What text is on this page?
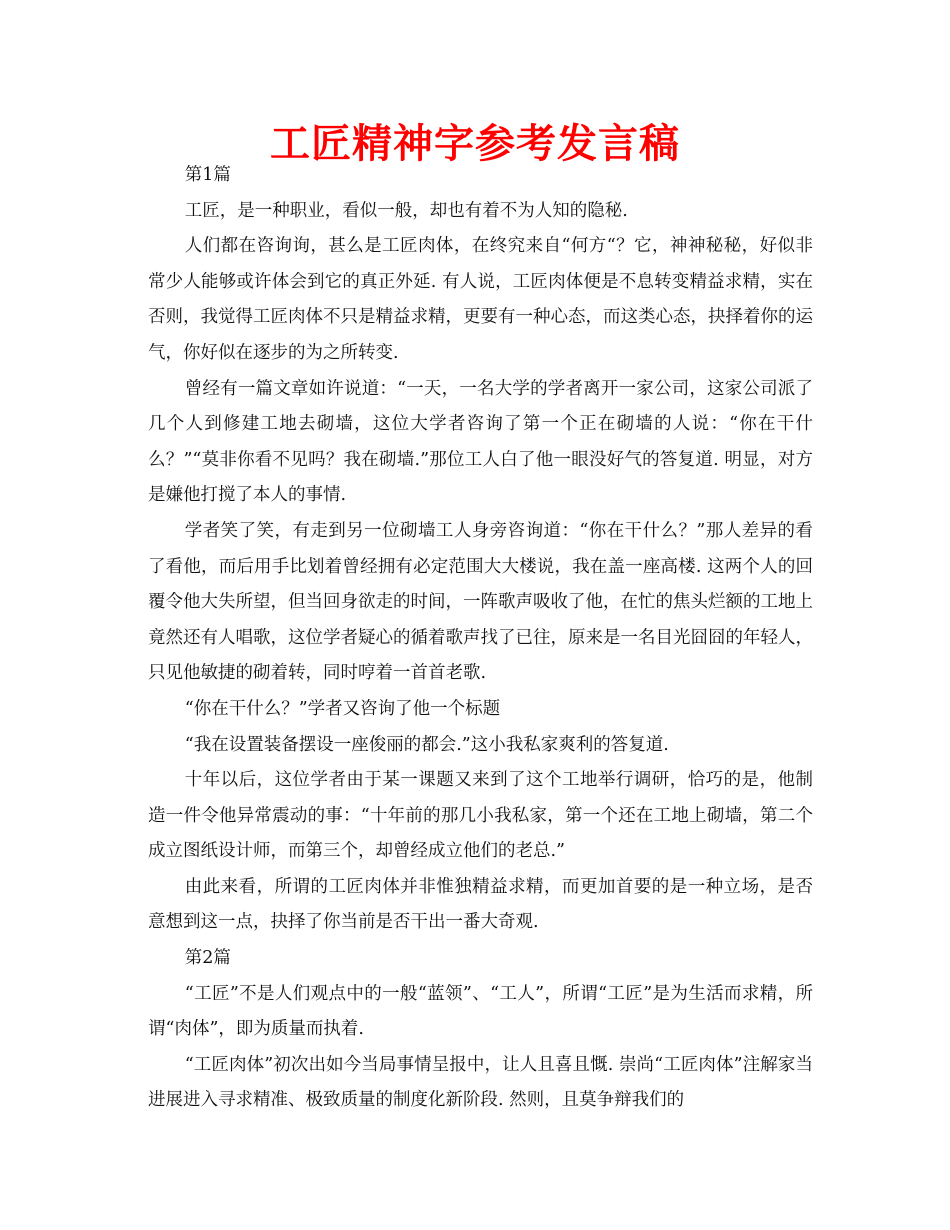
工匠精神字参考发言稿

第1篇

工匠，是一种职业，看似一般，却也有着不为人知的隐秘.

人们都在咨询询，甚么是工匠肉体，在终究来自“何方“？它，神神秘秘，好似非常少人能够或许体会到它的真正外延. 有人说，工匠肉体便是不息转变精益求精，实在否则，我觉得工匠肉体不只是精益求精，更要有一种心态，而这类心态，抉择着你的运气，你好似在逐步的为之所转变.

曾经有一篇文章如许说道：“一天，一名大学的学者离开一家公司，这家公司派了几个人到修建工地去砌墙，这位大学者咨询了第一个正在砌墙的人说：“你在干什么？”“莫非你看不见吗？我在砌墙.”那位工人白了他一眼没好气的答复道. 明显，对方是嫌他打搅了本人的事情.

学者笑了笑，有走到另一位砌墙工人身旁咨询道：“你在干什么？”那人差异的看了看他，而后用手比划着曾经拥有必定范围大大楼说，我在盖一座高楼. 这两个人的回覆令他大失所望，但当回身欲走的时间，一阵歌声吸收了他，在忙的焦头烂额的工地上竟然还有人唱歌，这位学者疑心的循着歌声找了已往，原来是一名目光囧囧的年轻人，只见他敏捷的砌着转，同时哼着一首首老歌.

“你在干什么？”学者又咨询了他一个标题

“我在设置装备摆设一座俊丽的都会.”这小我私家爽利的答复道.

十年以后，这位学者由于某一课题又来到了这个工地举行调研，恰巧的是，他制造一件令他异常震动的事：“十年前的那几小我私家，第一个还在工地上砌墙，第二个成立图纸设计师，而第三个，却曾经成立他们的老总.”

由此来看，所谓的工匠肉体并非惟独精益求精，而更加首要的是一种立场，是否意想到这一点，抉择了你当前是否干出一番大奇观.

第2篇

“工匠”不是人们观点中的一般“蓝领”、“工人”，所谓“工匠”是为生活而求精，所谓“肉体”，即为质量而执着.

“工匠肉体”初次出如今当局事情呈报中，让人且喜且慨. 崇尚“工匠肉体”注解家当进展进入寻求精准、极致质量的制度化新阶段. 然则，且莫争辩我们的
